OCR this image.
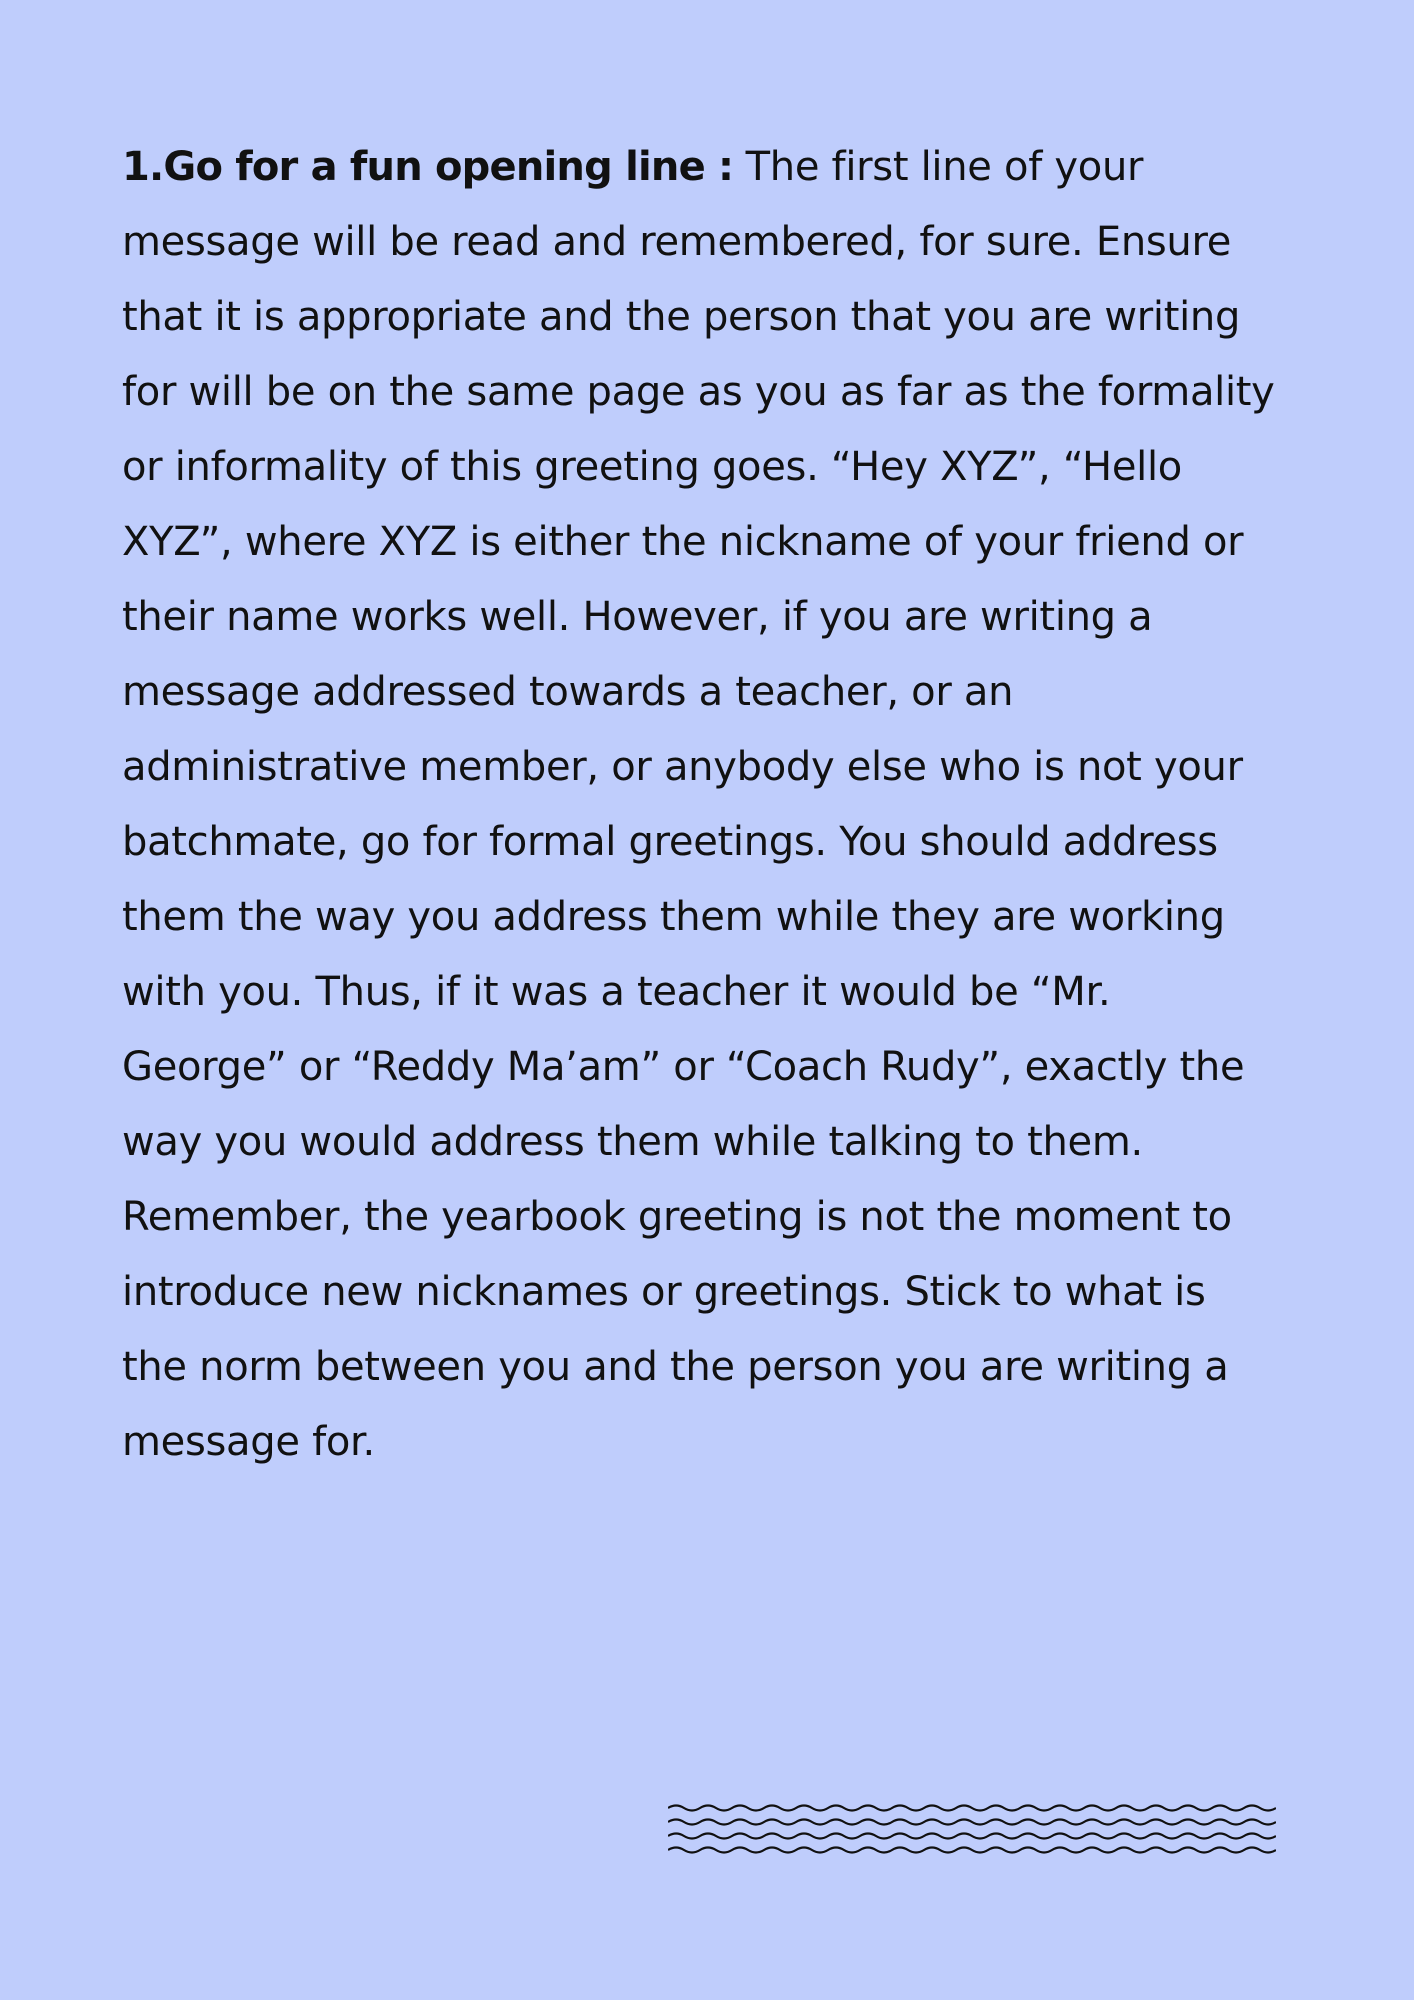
1.Go for a fun opening line : The first line of your message will be read and remembered, for sure. Ensure that it is appropriate and the person that you are writing for will be on the same page as you as far as the formality or informality of this greeting goes. “Hey XYZ”, “Hello XYZ”, where XYZ is either the nickname of your friend or their name works well. However, if you are writing a message addressed towards a teacher, or an administrative member, or anybody else who is not your batchmate, go for formal greetings. You should address them the way you address them while they are working with you. Thus, if it was a teacher it would be “Mr. George” or “Reddy Ma’am” or “Coach Rudy”, exactly the way you would address them while talking to them. Remember, the yearbook greeting is not the moment to introduce new nicknames or greetings. Stick to what is the norm between you and the person you are writing a message for.
